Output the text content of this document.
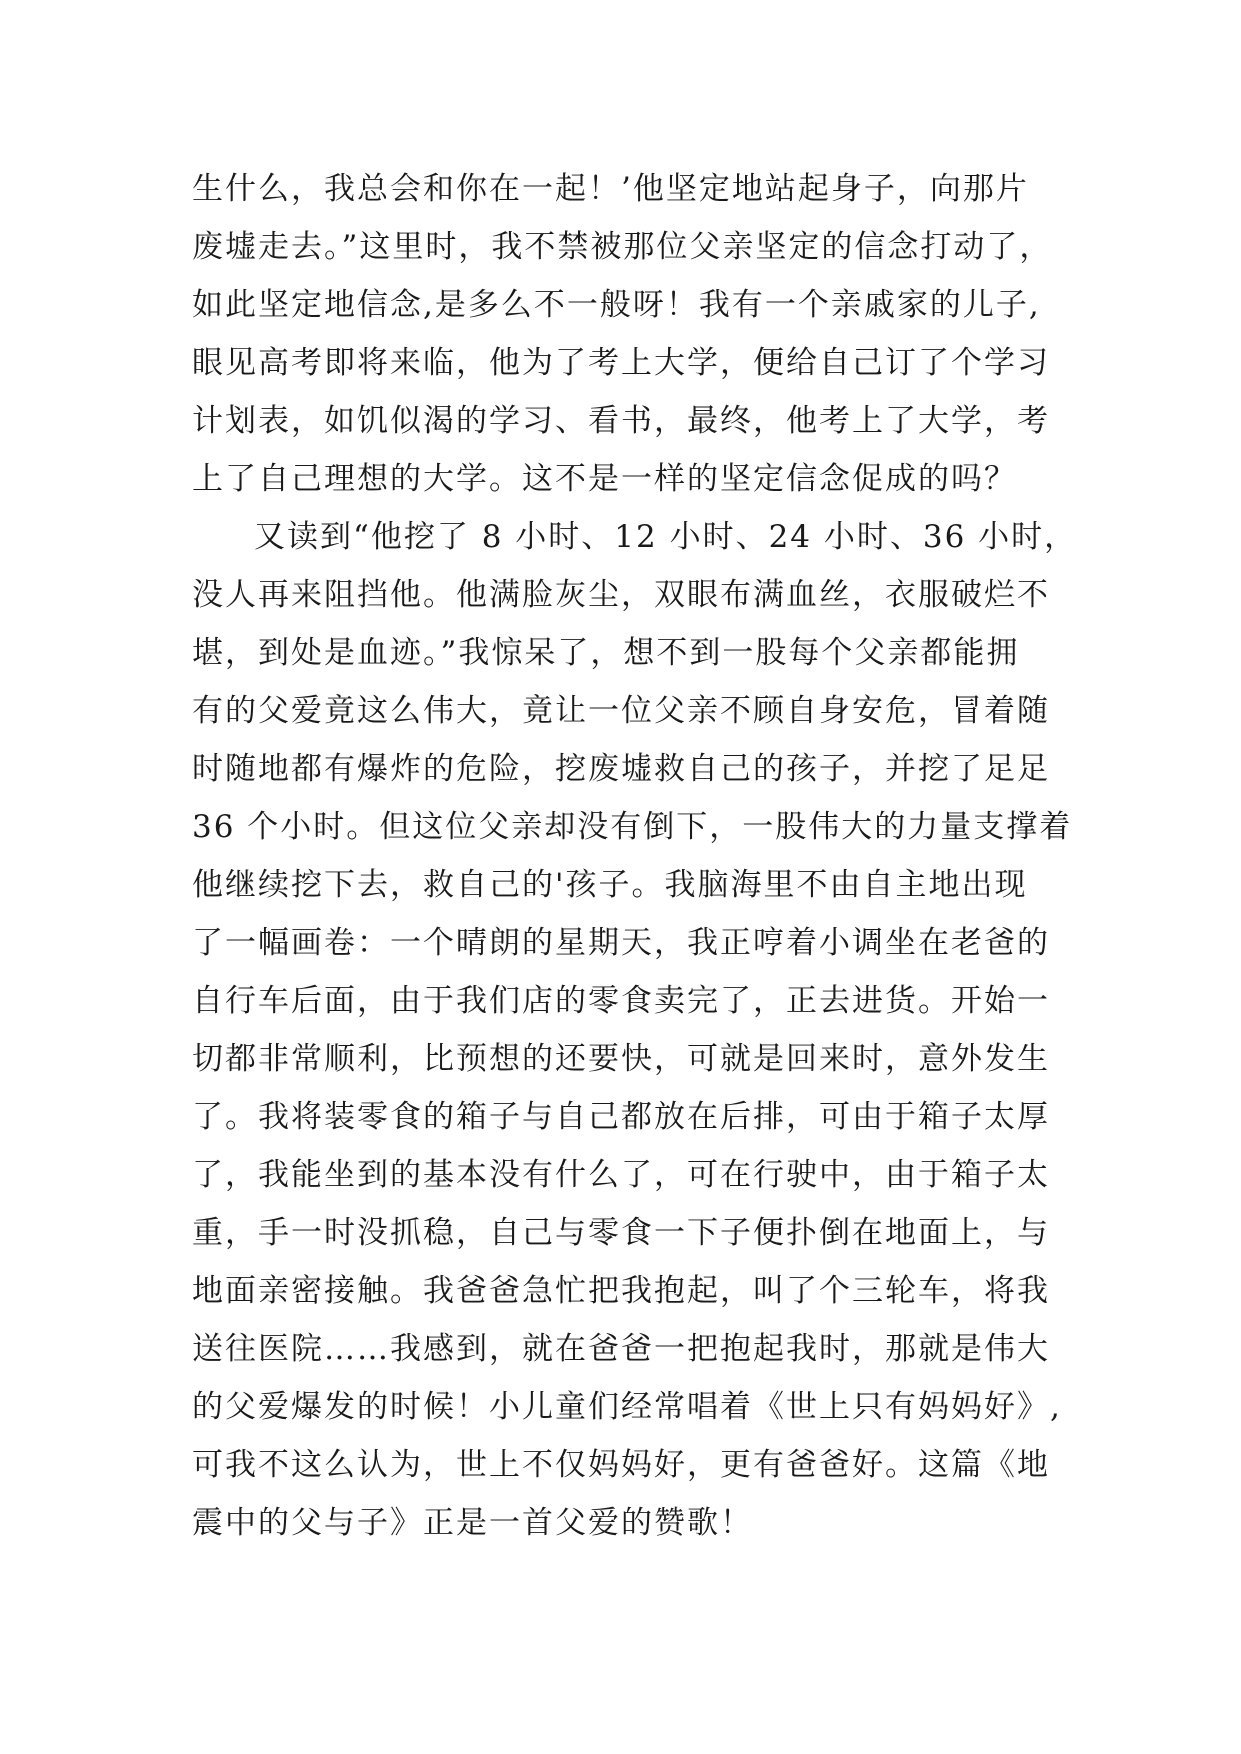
生什么，我总会和你在一起！’他坚定地站起身子，向那片
废墟走去。”这里时，我不禁被那位父亲坚定的信念打动了，
如此坚定地信念,是多么不一般呀！我有一个亲戚家的儿子,
眼见高考即将来临，他为了考上大学，便给自己订了个学习
计划表，如饥似渴的学习、看书，最终，他考上了大学，考
上了自己理想的大学。这不是一样的坚定信念促成的吗？
又读到“他挖了 8 小时、12 小时、24 小时、36 小时，
没人再来阻挡他。他满脸灰尘，双眼布满血丝，衣服破烂不
堪，到处是血迹。”我惊呆了，想不到一股每个父亲都能拥
有的父爱竟这么伟大，竟让一位父亲不顾自身安危，冒着随
时随地都有爆炸的危险，挖废墟救自己的孩子，并挖了足足
36 个小时。但这位父亲却没有倒下，一股伟大的力量支撑着
他继续挖下去，救自己的'孩子。我脑海里不由自主地出现
了一幅画卷：一个晴朗的星期天，我正哼着小调坐在老爸的
自行车后面，由于我们店的零食卖完了，正去进货。开始一
切都非常顺利，比预想的还要快，可就是回来时，意外发生
了。我将装零食的箱子与自己都放在后排，可由于箱子太厚
了，我能坐到的基本没有什么了，可在行驶中，由于箱子太
重，手一时没抓稳，自己与零食一下子便扑倒在地面上，与
地面亲密接触。我爸爸急忙把我抱起，叫了个三轮车，将我
送往医院……我感到，就在爸爸一把抱起我时，那就是伟大
的父爱爆发的时候！小儿童们经常唱着《世上只有妈妈好》,
可我不这么认为，世上不仅妈妈好，更有爸爸好。这篇《地
震中的父与子》正是一首父爱的赞歌！
